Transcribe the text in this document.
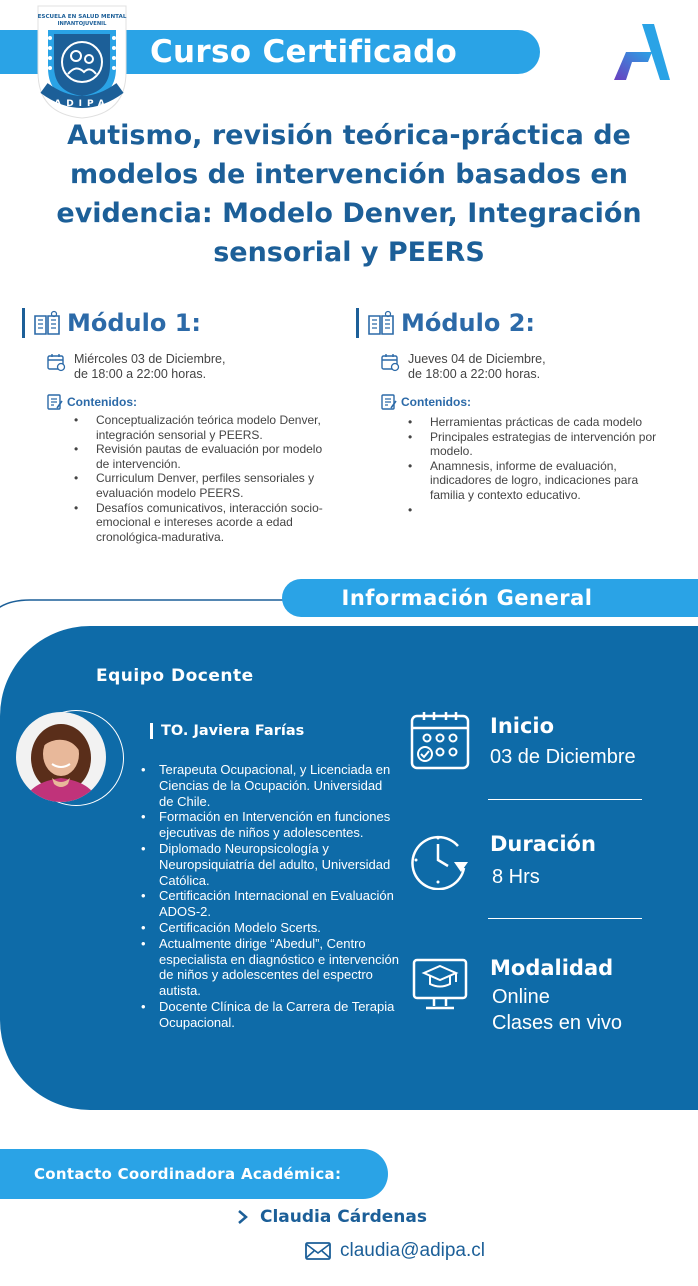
Curso Certificado
ESCUELA EN SALUD MENTAL
INFANTOJUVENIL
ADIPA
Autismo, revisión teórica-práctica de modelos de intervención basados en evidencia: Modelo Denver, Integración sensorial y PEERS
Módulo 1:
Miércoles 03 de Diciembre,
de 18:00 a 22:00 horas.
Contenidos:
• Conceptualización teórica modelo Denver, integración sensorial y PEERS.
• Revisión pautas de evaluación por modelo de intervención.
• Curriculum Denver, perfiles sensoriales y evaluación modelo PEERS.
• Desafíos comunicativos, interacción socio-emocional e intereses acorde a edad cronológica-madurativa.
Módulo 2:
Jueves 04 de Diciembre,
de 18:00 a 22:00 horas.
Contenidos:
• Herramientas prácticas de cada modelo
• Principales estrategias de intervención por modelo.
• Anamnesis, informe de evaluación, indicadores de logro, indicaciones para familia y contexto educativo.
•
Información General
Equipo Docente
TO. Javiera Farías
• Terapeuta Ocupacional, y Licenciada en Ciencias de la Ocupación. Universidad de Chile.
• Formación en Intervención en funciones ejecutivas de niños y adolescentes.
• Diplomado Neuropsicología y Neuropsiquiatría del adulto, Universidad Católica.
• Certificación Internacional en Evaluación ADOS-2.
• Certificación Modelo Scerts.
• Actualmente dirige “Abedul”, Centro especialista en diagnóstico e intervención de niños y adolescentes del espectro autista.
• Docente Clínica de la Carrera de Terapia Ocupacional.
Inicio
03 de Diciembre
Duración
8 Hrs
Modalidad
Online
Clases en vivo
Contacto Coordinadora Académica:
Claudia Cárdenas
claudia@adipa.cl
